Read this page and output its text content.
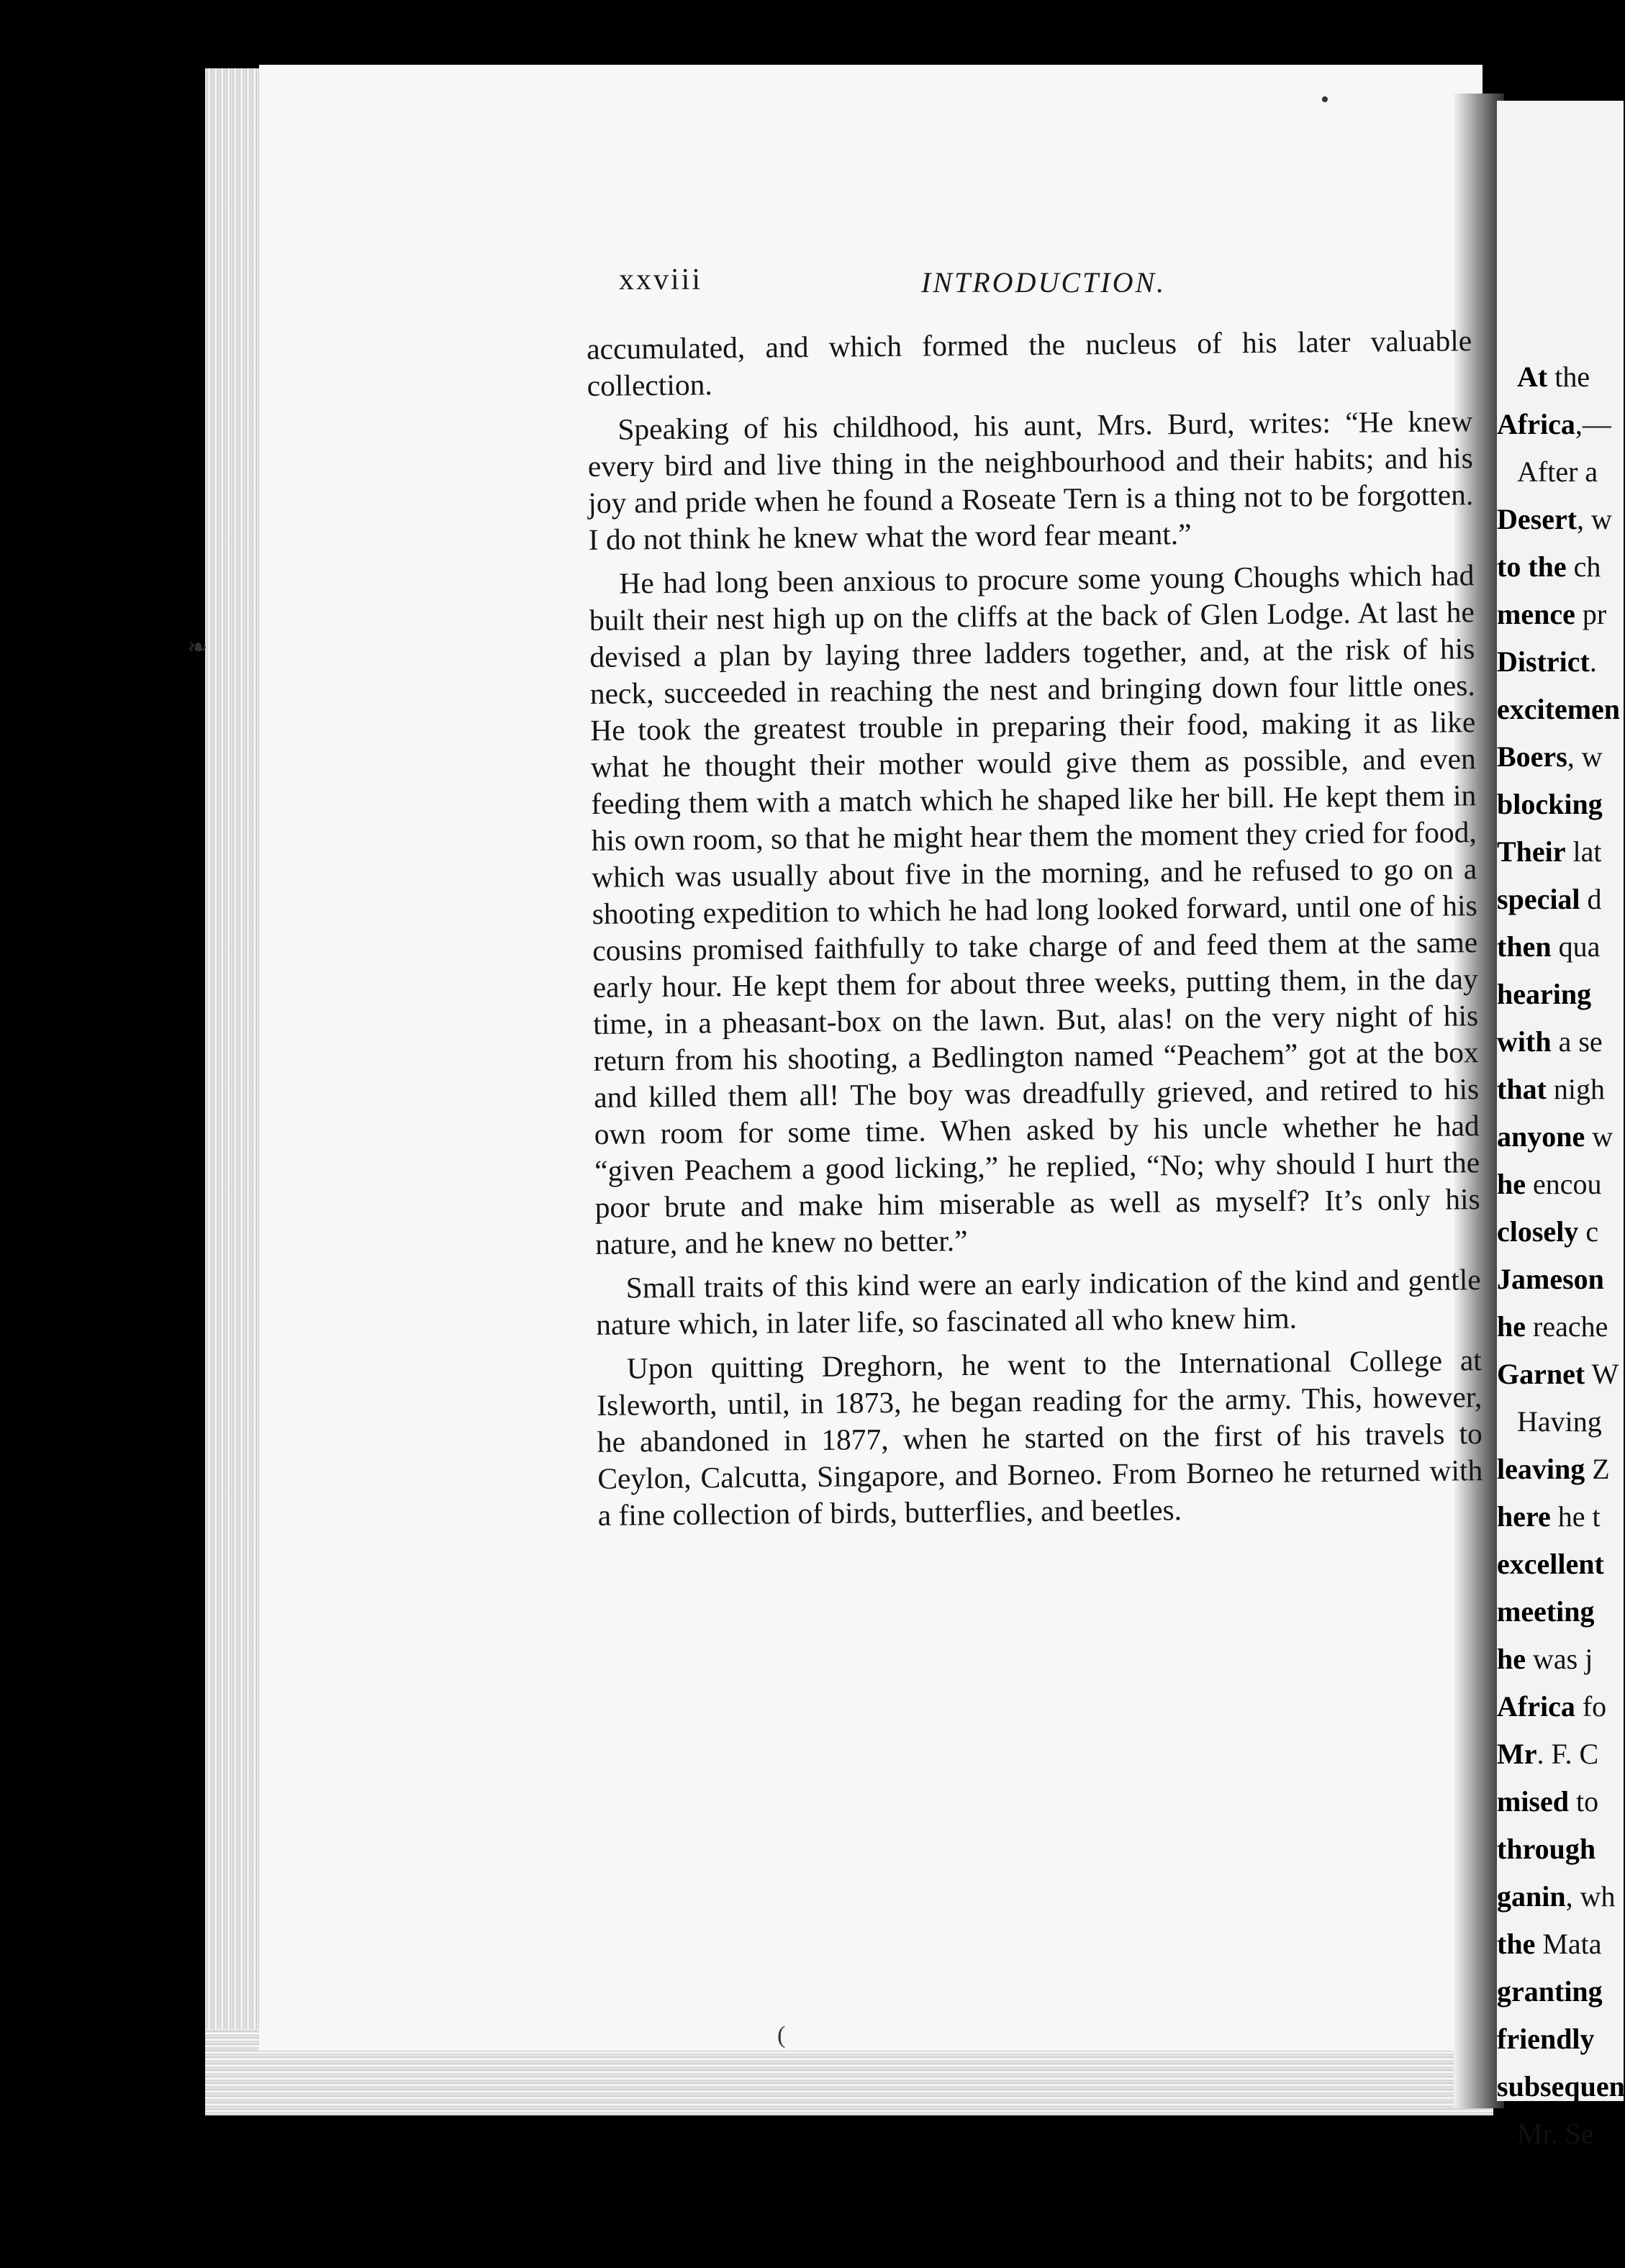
❧
•
(
At the
Africa,—
After a
Desert, w
to the ch
mence pr
District.
excitemen
Boers, w
blocking
Their lat
special d
then qua
hearing
with a se
that nigh
anyone w
he encou
closely c
Jameson
he reache
Garnet W
Having
leaving Z
here he t
excellent
meeting
he was j
Africa fo
Mr. F. C
mised to
through
ganin, wh
the Mata
granting
friendly
subsequen
Mr. Se
xxviii	INTRODUCTION.

accumulated, and which formed the nucleus of his later valuable collection.

Speaking of his childhood, his aunt, Mrs. Burd, writes: “He knew every bird and live thing in the neighbourhood and their habits; and his joy and pride when he found a Roseate Tern is a thing not to be forgotten. I do not think he knew what the word fear meant.”

He had long been anxious to procure some young Choughs which had built their nest high up on the cliffs at the back of Glen Lodge. At last he devised a plan by laying three ladders together, and, at the risk of his neck, succeeded in reaching the nest and bringing down four little ones. He took the greatest trouble in preparing their food, making it as like what he thought their mother would give them as possible, and even feeding them with a match which he shaped like her bill. He kept them in his own room, so that he might hear them the moment they cried for food, which was usually about five in the morning, and he refused to go on a shooting expedition to which he had long looked forward, until one of his cousins promised faithfully to take charge of and feed them at the same early hour. He kept them for about three weeks, putting them, in the day time, in a pheasant-box on the lawn. But, alas! on the very night of his return from his shooting, a Bedlington named “Peachem” got at the box and killed them all! The boy was dreadfully grieved, and retired to his own room for some time. When asked by his uncle whether he had “given Peachem a good licking,” he replied, “No; why should I hurt the poor brute and make him miserable as well as myself? It’s only his nature, and he knew no better.”

Small traits of this kind were an early indication of the kind and gentle nature which, in later life, so fascinated all who knew him.

Upon quitting Dreghorn, he went to the International College at Isleworth, until, in 1873, he began reading for the army. This, however, he abandoned in 1877, when he started on the first of his travels to Ceylon, Calcutta, Singapore, and Borneo. From Borneo he returned with a fine collection of birds, butterflies, and beetles.
